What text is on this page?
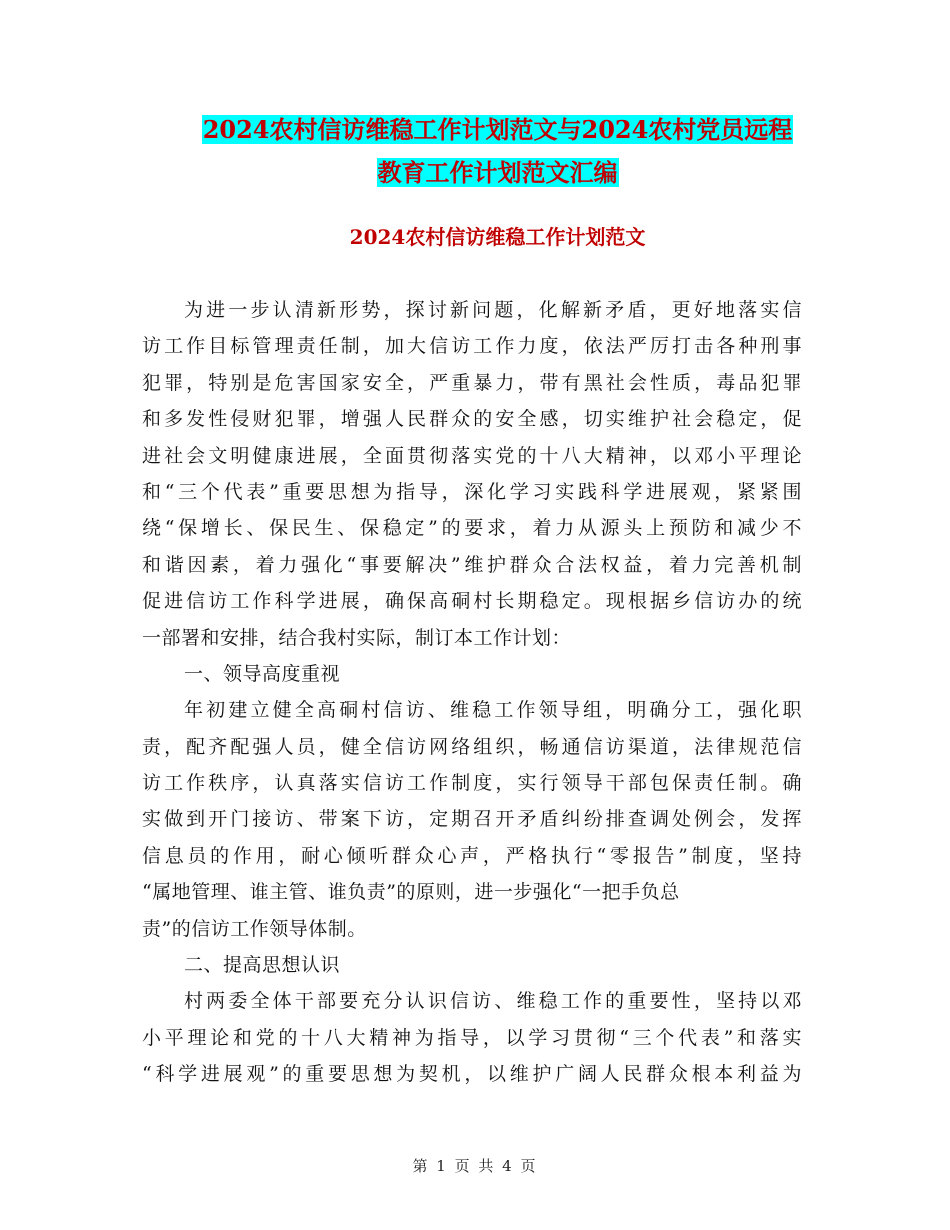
2024农村信访维稳工作计划范文与2024农村党员远程
教育工作计划范文汇编
2024农村信访维稳工作计划范文
为进一步认清新形势，探讨新问题，化解新矛盾，更好地落实信
访工作目标管理责任制，加大信访工作力度，依法严厉打击各种刑事
犯罪，特别是危害国家安全，严重暴力，带有黑社会性质，毒品犯罪
和多发性侵财犯罪，增强人民群众的安全感，切实维护社会稳定，促
进社会文明健康进展，全面贯彻落实党的十八大精神，以邓小平理论
和“三个代表”重要思想为指导，深化学习实践科学进展观，紧紧围
绕“保增长、保民生、保稳定”的要求，着力从源头上预防和减少不
和谐因素，着力强化“事要解决”维护群众合法权益，着力完善机制
促进信访工作科学进展，确保高硐村长期稳定。现根据乡信访办的统
一部署和安排，结合我村实际，制订本工作计划：
一、领导高度重视
年初建立健全高硐村信访、维稳工作领导组，明确分工，强化职
责，配齐配强人员，健全信访网络组织，畅通信访渠道，法律规范信
访工作秩序，认真落实信访工作制度，实行领导干部包保责任制。确
实做到开门接访、带案下访，定期召开矛盾纠纷排查调处例会，发挥
信息员的作用，耐心倾听群众心声，严格执行“零报告”制度，坚持
“属地管理、谁主管、谁负责”的原则，进一步强化“一把手负总
责”的信访工作领导体制。
二、提高思想认识
村两委全体干部要充分认识信访、维稳工作的重要性，坚持以邓
小平理论和党的十八大精神为指导，以学习贯彻“三个代表”和落实
“科学进展观”的重要思想为契机，以维护广阔人民群众根本利益为
第 1 页 共 4 页
